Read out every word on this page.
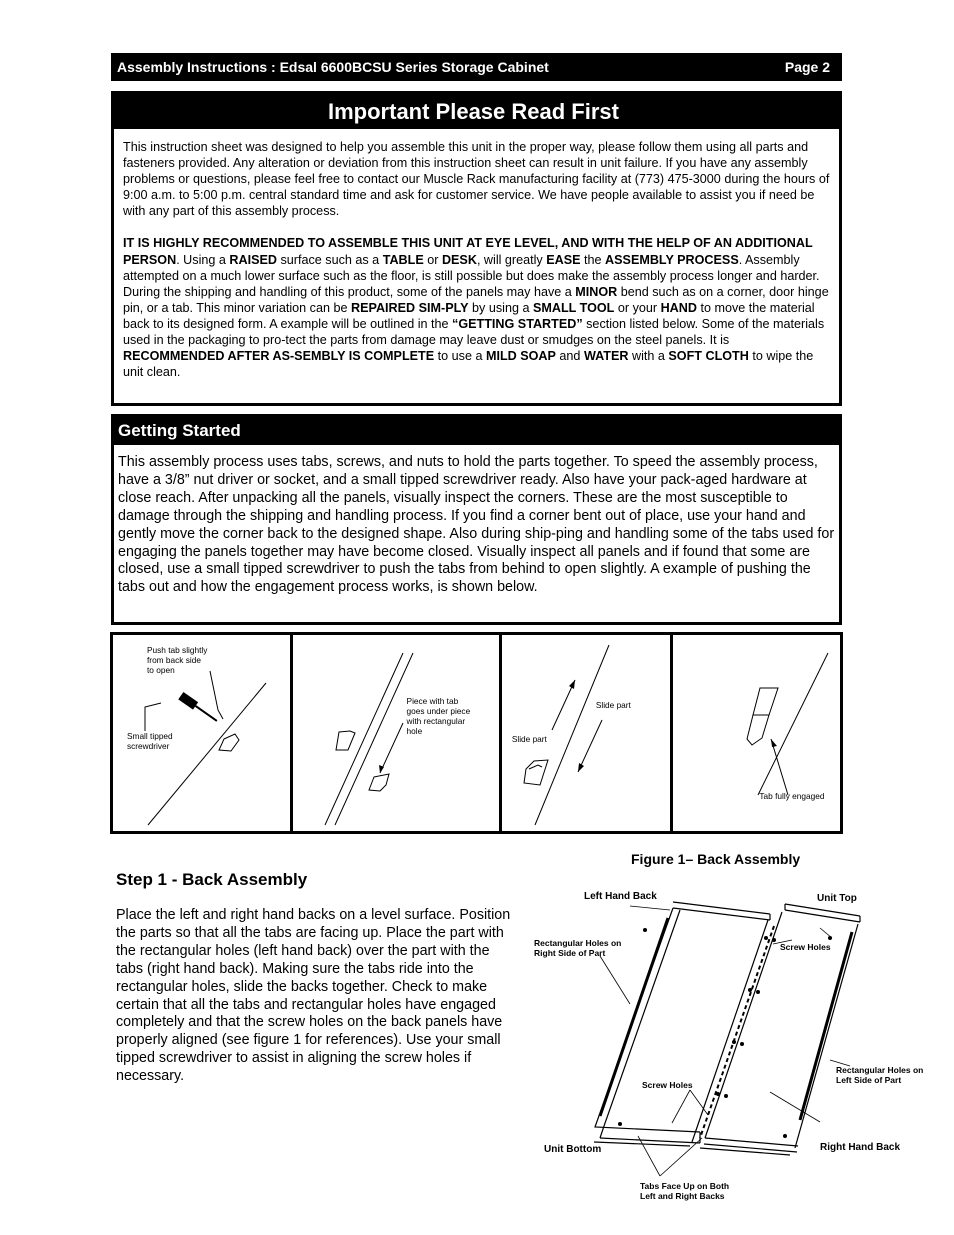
Assembly Instructions : Edsal 6600BCSU Series Storage Cabinet	Page 2
Important Please Read First

This instruction sheet was designed to help you assemble this unit in the proper way, please follow them using all parts and fasteners provided. Any alteration or deviation from this instruction sheet can result in unit failure. If you have any assembly problems or questions, please feel free to contact our Muscle Rack manufacturing facility at (773) 475-3000 during the hours of 9:00 a.m. to 5:00 p.m. central standard time and ask for customer service. We have people available to assist you if need be with any part of this assembly process.

IT IS HIGHLY RECOMMENDED TO ASSEMBLE THIS UNIT AT EYE LEVEL, AND WITH THE HELP OF AN ADDITIONAL PERSON. Using a RAISED surface such as a TABLE or DESK, will greatly EASE the ASSEMBLY PROCESS. Assembly attempted on a much lower surface such as the floor, is still possible but does make the assembly process longer and harder. During the shipping and handling of this product, some of the panels may have a MINOR bend such as on a corner, door hinge pin, or a tab. This minor variation can be REPAIRED SIM-PLY by using a SMALL TOOL or your HAND to move the material back to its designed form. A example will be outlined in the “GETTING STARTED” section listed below. Some of the materials used in the packaging to pro-tect the parts from damage may leave dust or smudges on the steel panels. It is RECOMMENDED AFTER AS-SEMBLY IS COMPLETE to use a MILD SOAP and WATER with a SOFT CLOTH to wipe the unit clean.

Getting Started
This assembly process uses tabs, screws, and nuts to hold the parts together. To speed the assembly process, have a 3/8” nut driver or socket, and a small tipped screwdriver ready. Also have your pack-aged hardware at close reach. After unpacking all the panels, visually inspect the corners. These are the most susceptible to damage through the shipping and handling process. If you find a corner bent out of place, use your hand and gently move the corner back to the designed shape. Also during ship-ping and handling some of the tabs used for engaging the panels together may have become closed. Visually inspect all panels and if found that some are closed, use a small tipped screwdriver to push the tabs from behind to open slightly. A example of pushing the tabs out and how the engagement process works, is shown below.
Push tab slightly
from back side
to open
Small tipped
screwdriver
Piece with tab
goes under piece
with rectangular
hole
Slide part
Slide part
Tab fully engaged
Step 1 - Back Assembly
Place the left and right hand backs on a level surface. Position the parts so that all the tabs are facing up. Place the part with the rectangular holes (left hand back) over the part with the tabs (right hand back). Making sure the tabs ride into the rectangular holes, slide the backs together. Check to make certain that all the tabs and rectangular holes have engaged completely and that the screw holes on the back panels have properly aligned (see figure 1 for references). Use your small tipped screwdriver to assist in aligning the screw holes if necessary.
Figure 1– Back Assembly
Left Hand Back	Unit Top
Rectangular Holes on
Right Side of Part
Screw Holes
Screw Holes
Rectangular Holes on
Left Side of Part
Unit Bottom	Right Hand Back
Tabs Face Up on Both
Left and Right Backs
